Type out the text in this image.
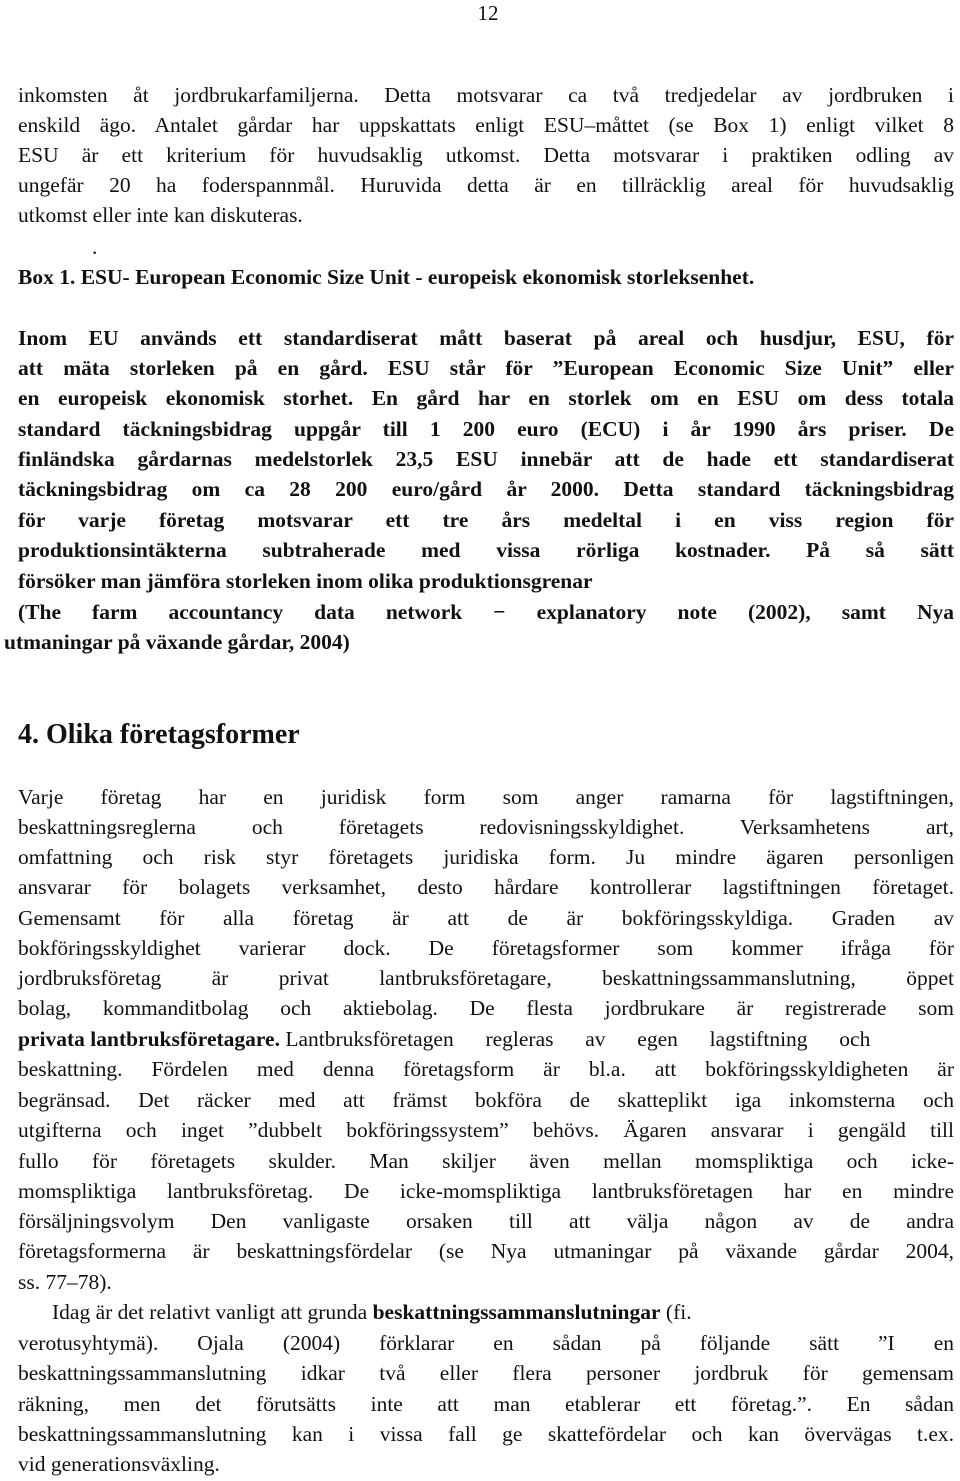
12
inkomsten åt jordbrukarfamiljerna. Detta motsvarar ca två tredjedelar av jordbruken i
enskild ägo. Antalet gårdar har uppskattats enligt ESU–måttet (se Box 1) enligt vilket 8
ESU är ett kriterium för huvudsaklig utkomst. Detta motsvarar i praktiken odling av
ungefär 20 ha foderspannmål. Huruvida detta är en tillräcklig areal för huvudsaklig
utkomst eller inte kan diskuteras.
.
Box 1. ESU- European Economic Size Unit - europeisk ekonomisk storleksenhet.
Inom EU används ett standardiserat mått baserat på areal och husdjur, ESU, för
att mäta storleken på en gård. ESU står för ”European Economic Size Unit” eller
en europeisk ekonomisk storhet. En gård har en storlek om en ESU om dess totala
standard täckningsbidrag uppgår till 1 200 euro (ECU) i år 1990 års priser. De
finländska gårdarnas medelstorlek 23,5 ESU innebär att de hade ett standardiserat
täckningsbidrag om ca 28 200 euro/gård år 2000. Detta standard täckningsbidrag
för varje företag motsvarar ett tre års medeltal i en viss region för
produktionsintäkterna subtraherade med vissa rörliga kostnader. På så sätt
försöker man jämföra storleken inom olika produktionsgrenar
(The farm accountancy data network − explanatory note (2002), samt Nya
utmaningar på växande gårdar, 2004)
4. Olika företagsformer
Varje företag har en juridisk form som anger ramarna för lagstiftningen,
beskattningsreglerna och företagets redovisningsskyldighet. Verksamhetens art,
omfattning och risk styr företagets juridiska form. Ju mindre ägaren personligen
ansvarar för bolagets verksamhet, desto hårdare kontrollerar lagstiftningen företaget.
Gemensamt för alla företag är att de är bokföringsskyldiga. Graden av
bokföringsskyldighet varierar dock. De företagsformer som kommer ifråga för
jordbruksföretag är privat lantbruksföretagare, beskattningssammanslutning, öppet
bolag, kommanditbolag och aktiebolag. De flesta jordbrukare är registrerade som
privata lantbruksföretagare. Lantbruksföretagen regleras av egen lagstiftning och
beskattning. Fördelen med denna företagsform är bl.a. att bokföringsskyldigheten är
begränsad. Det räcker med att främst bokföra de skatteplikt iga inkomsterna och
utgifterna och inget ”dubbelt bokföringssystem” behövs. Ägaren ansvarar i gengäld till
fullo för företagets skulder. Man skiljer även mellan momspliktiga och icke-
momspliktiga lantbruksföretag. De icke-momspliktiga lantbruksföretagen har en mindre
försäljningsvolym Den vanligaste orsaken till att välja någon av de andra
företagsformerna är beskattningsfördelar (se Nya utmaningar på växande gårdar 2004,
ss. 77–78).
Idag är det relativt vanligt att grunda beskattningssammanslutningar (fi.
verotusyhtymä). Ojala (2004) förklarar en sådan på följande sätt ”I en
beskattningssammanslutning idkar två eller flera personer jordbruk för gemensam
räkning, men det förutsätts inte att man etablerar ett företag.”. En sådan
beskattningssammanslutning kan i vissa fall ge skattefördelar och kan övervägas t.ex.
vid generationsväxling.
